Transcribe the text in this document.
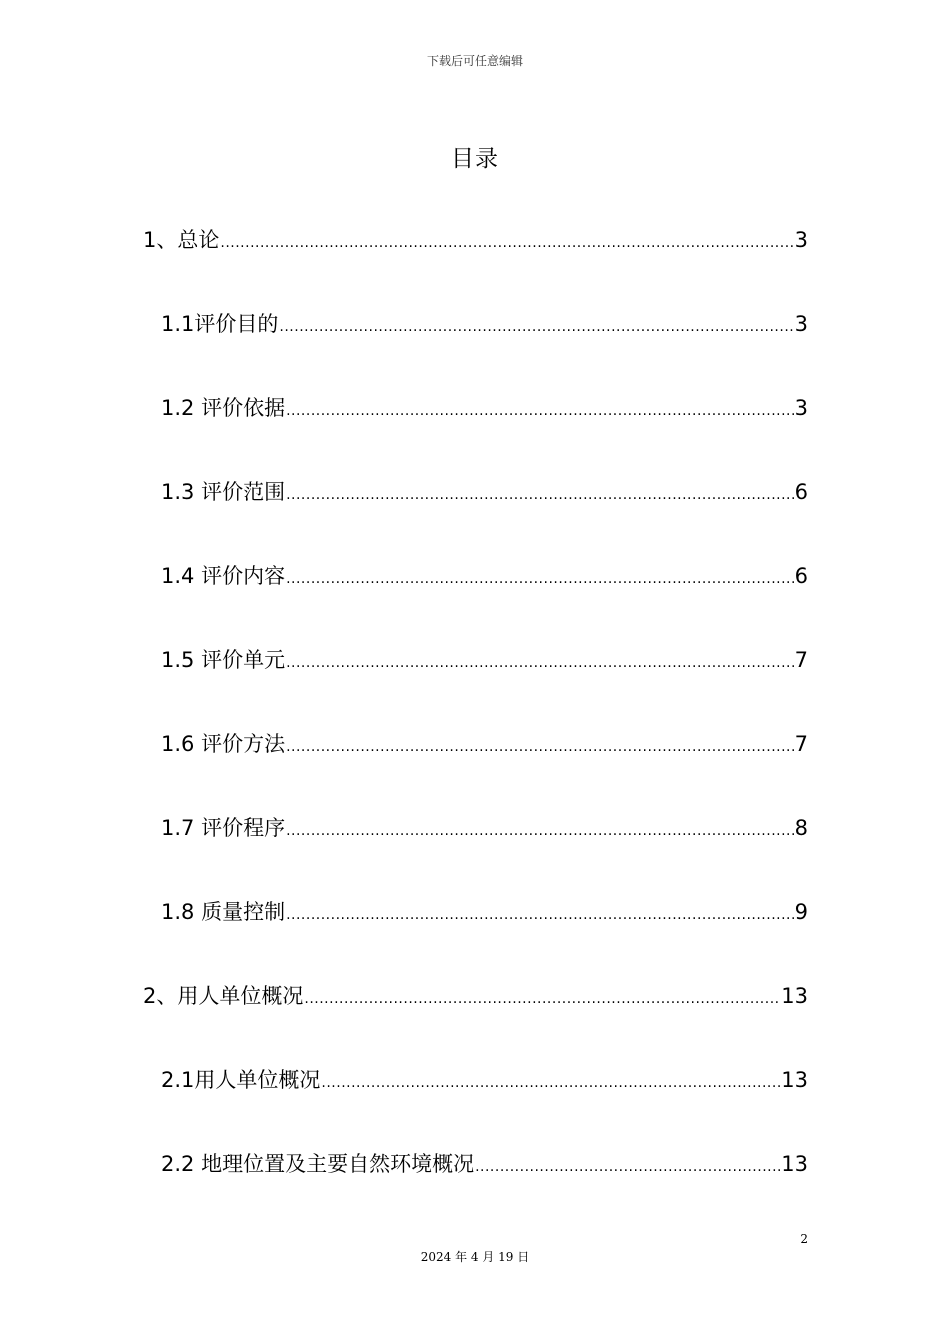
下载后可任意编辑
目录
1、总论 .....	3
1.1评价目的 .....	3
1.2 评价依据 .....	3
1.3 评价范围 .....	6
1.4 评价内容 .....	6
1.5 评价单元 .....	7
1.6 评价方法 .....	7
1.7 评价程序 .....	8
1.8 质量控制 .....	9
2、用人单位概况 .....	13
2.1用人单位概况 .....	13
2.2 地理位置及主要自然环境概况 .....	13
2
2024 年 4 月 19 日
